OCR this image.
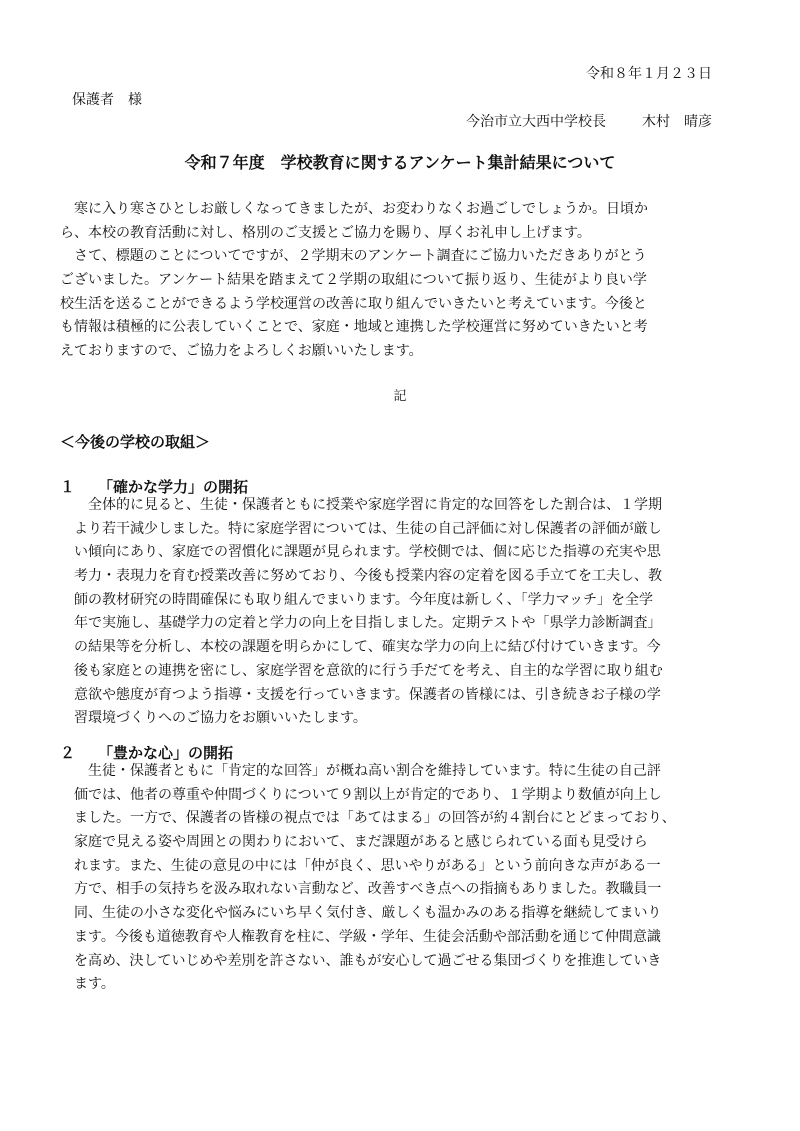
令和８年１月２３日
保護者　様
今治市立大西中学校長	木村　晴彦
令和７年度　学校教育に関するアンケート集計結果について
　寒に入り寒さひとしお厳しくなってきましたが、お変わりなくお過ごしでしょうか。日頃か
ら、本校の教育活動に対し、格別のご支援とご協力を賜り、厚くお礼申し上げます。
　さて、標題のことについてですが、２学期末のアンケート調査にご協力いただきありがとう
ございました。アンケート結果を踏まえて２学期の取組について振り返り、生徒がより良い学
校生活を送ることができるよう学校運営の改善に取り組んでいきたいと考えています。今後と
も情報は積極的に公表していくことで、家庭・地域と連携した学校運営に努めていきたいと考
えておりますので、ご協力をよろしくお願いいたします。
記
＜今後の学校の取組＞
１ 「確かな学力」の開拓
　　全体的に見ると、生徒・保護者ともに授業や家庭学習に肯定的な回答をした割合は、１学期
　より若干減少しました。特に家庭学習については、生徒の自己評価に対し保護者の評価が厳し
　い傾向にあり、家庭での習慣化に課題が見られます。学校側では、個に応じた指導の充実や思
　考力・表現力を育む授業改善に努めており、今後も授業内容の定着を図る手立てを工夫し、教
　師の教材研究の時間確保にも取り組んでまいります。今年度は新しく、「学力マッチ」を全学
　年で実施し、基礎学力の定着と学力の向上を目指しました。定期テストや「県学力診断調査」
　の結果等を分析し、本校の課題を明らかにして、確実な学力の向上に結び付けていきます。今
　後も家庭との連携を密にし、家庭学習を意欲的に行う手だてを考え、自主的な学習に取り組む
　意欲や態度が育つよう指導・支援を行っていきます。保護者の皆様には、引き続きお子様の学
　習環境づくりへのご協力をお願いいたします。
２ 「豊かな心」の開拓
　　生徒・保護者ともに「肯定的な回答」が概ね高い割合を維持しています。特に生徒の自己評
　価では、他者の尊重や仲間づくりについて９割以上が肯定的であり、１学期より数値が向上し
　ました。一方で、保護者の皆様の視点では「あてはまる」の回答が約４割台にとどまっており、
　家庭で見える姿や周囲との関わりにおいて、まだ課題があると感じられている面も見受けら
　れます。また、生徒の意見の中には「仲が良く、思いやりがある」という前向きな声がある一
　方で、相手の気持ちを汲み取れない言動など、改善すべき点への指摘もありました。教職員一
　同、生徒の小さな変化や悩みにいち早く気付き、厳しくも温かみのある指導を継続してまいり
　ます。今後も道徳教育や人権教育を柱に、学級・学年、生徒会活動や部活動を通じて仲間意識
　を高め、決していじめや差別を許さない、誰もが安心して過ごせる集団づくりを推進していき
　ます。
